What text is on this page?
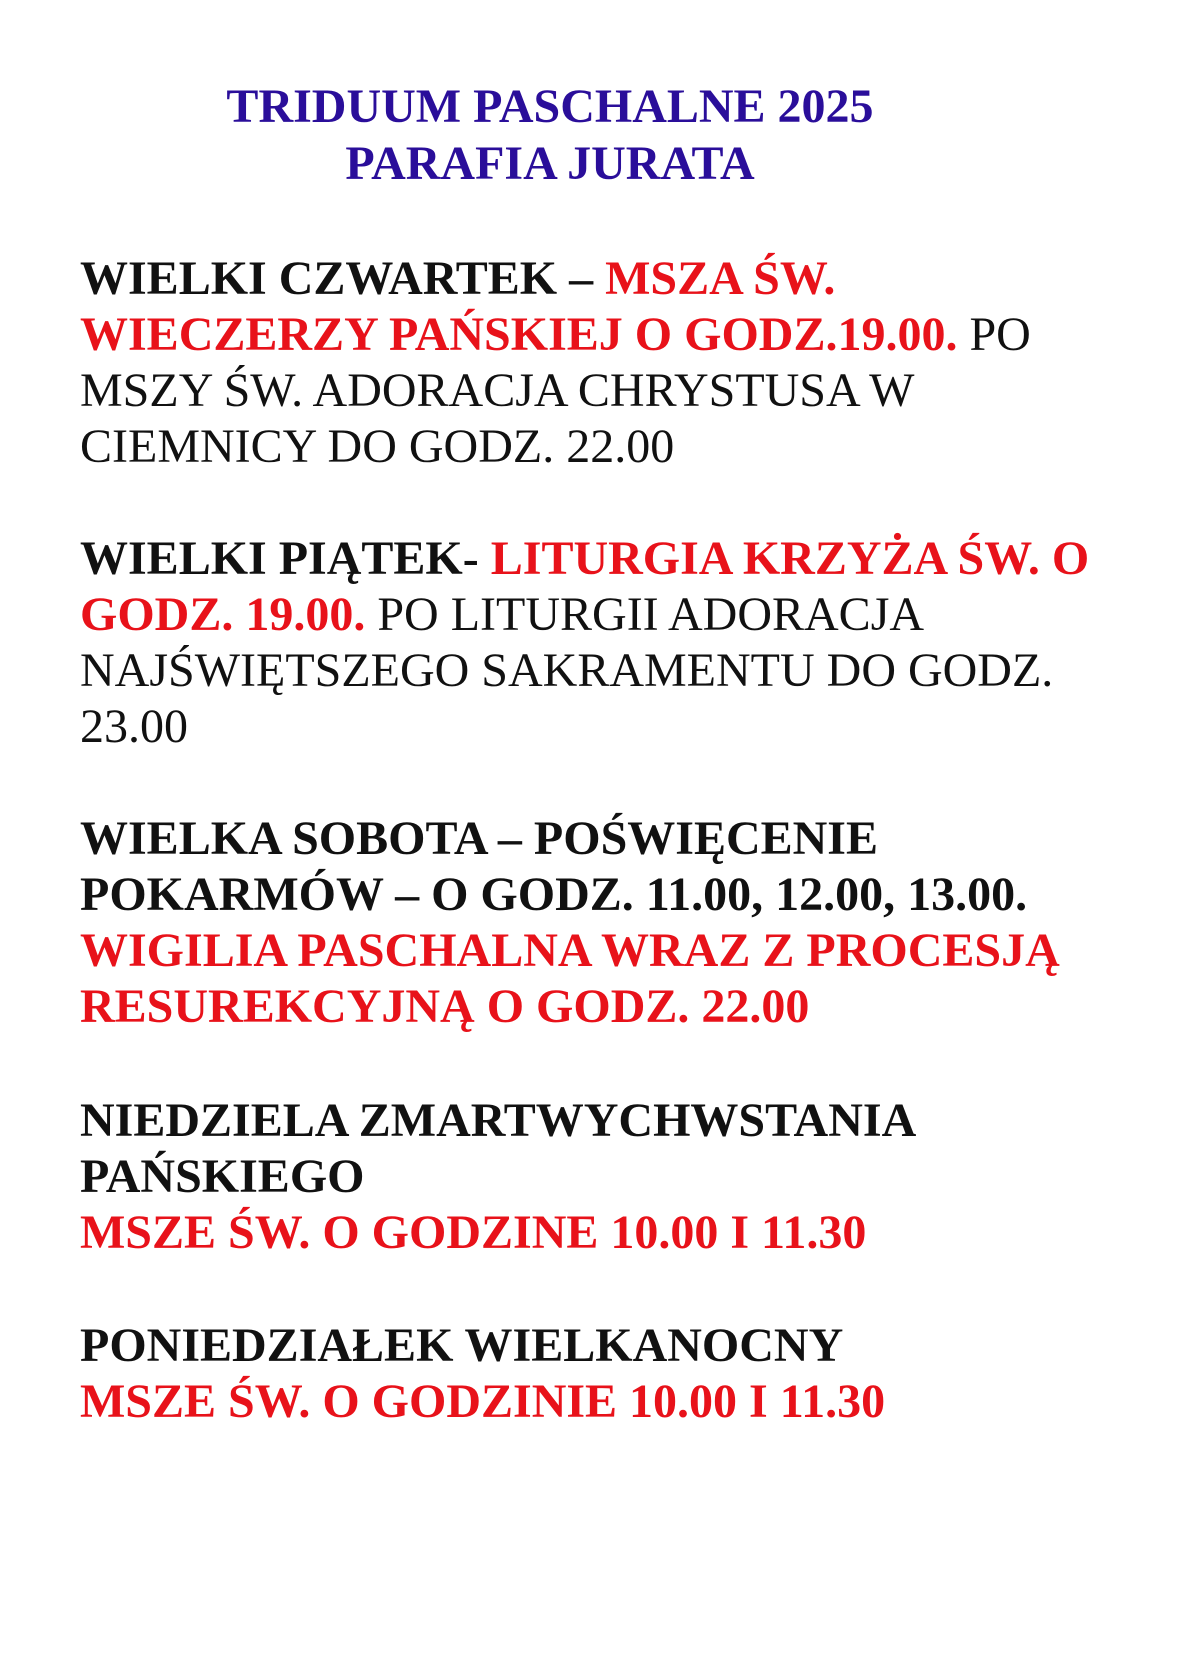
TRIDUUM PASCHALNE 2025
PARAFIA JURATA
WIELKI CZWARTEK – MSZA ŚW.
WIECZERZY PAŃSKIEJ O GODZ.19.00. PO
MSZY ŚW. ADORACJA CHRYSTUSA W
CIEMNICY DO GODZ. 22.00
WIELKI PIĄTEK- LITURGIA KRZYŻA ŚW. O
GODZ. 19.00. PO LITURGII ADORACJA
NAJŚWIĘTSZEGO SAKRAMENTU DO GODZ.
23.00
WIELKA SOBOTA – POŚWIĘCENIE
POKARMÓW – O GODZ. 11.00, 12.00, 13.00.
WIGILIA PASCHALNA WRAZ Z PROCESJĄ
RESUREKCYJNĄ O GODZ. 22.00
NIEDZIELA ZMARTWYCHWSTANIA
PAŃSKIEGO
MSZE ŚW. O GODZINE 10.00 I 11.30
PONIEDZIAŁEK WIELKANOCNY
MSZE ŚW. O GODZINIE 10.00 I 11.30
